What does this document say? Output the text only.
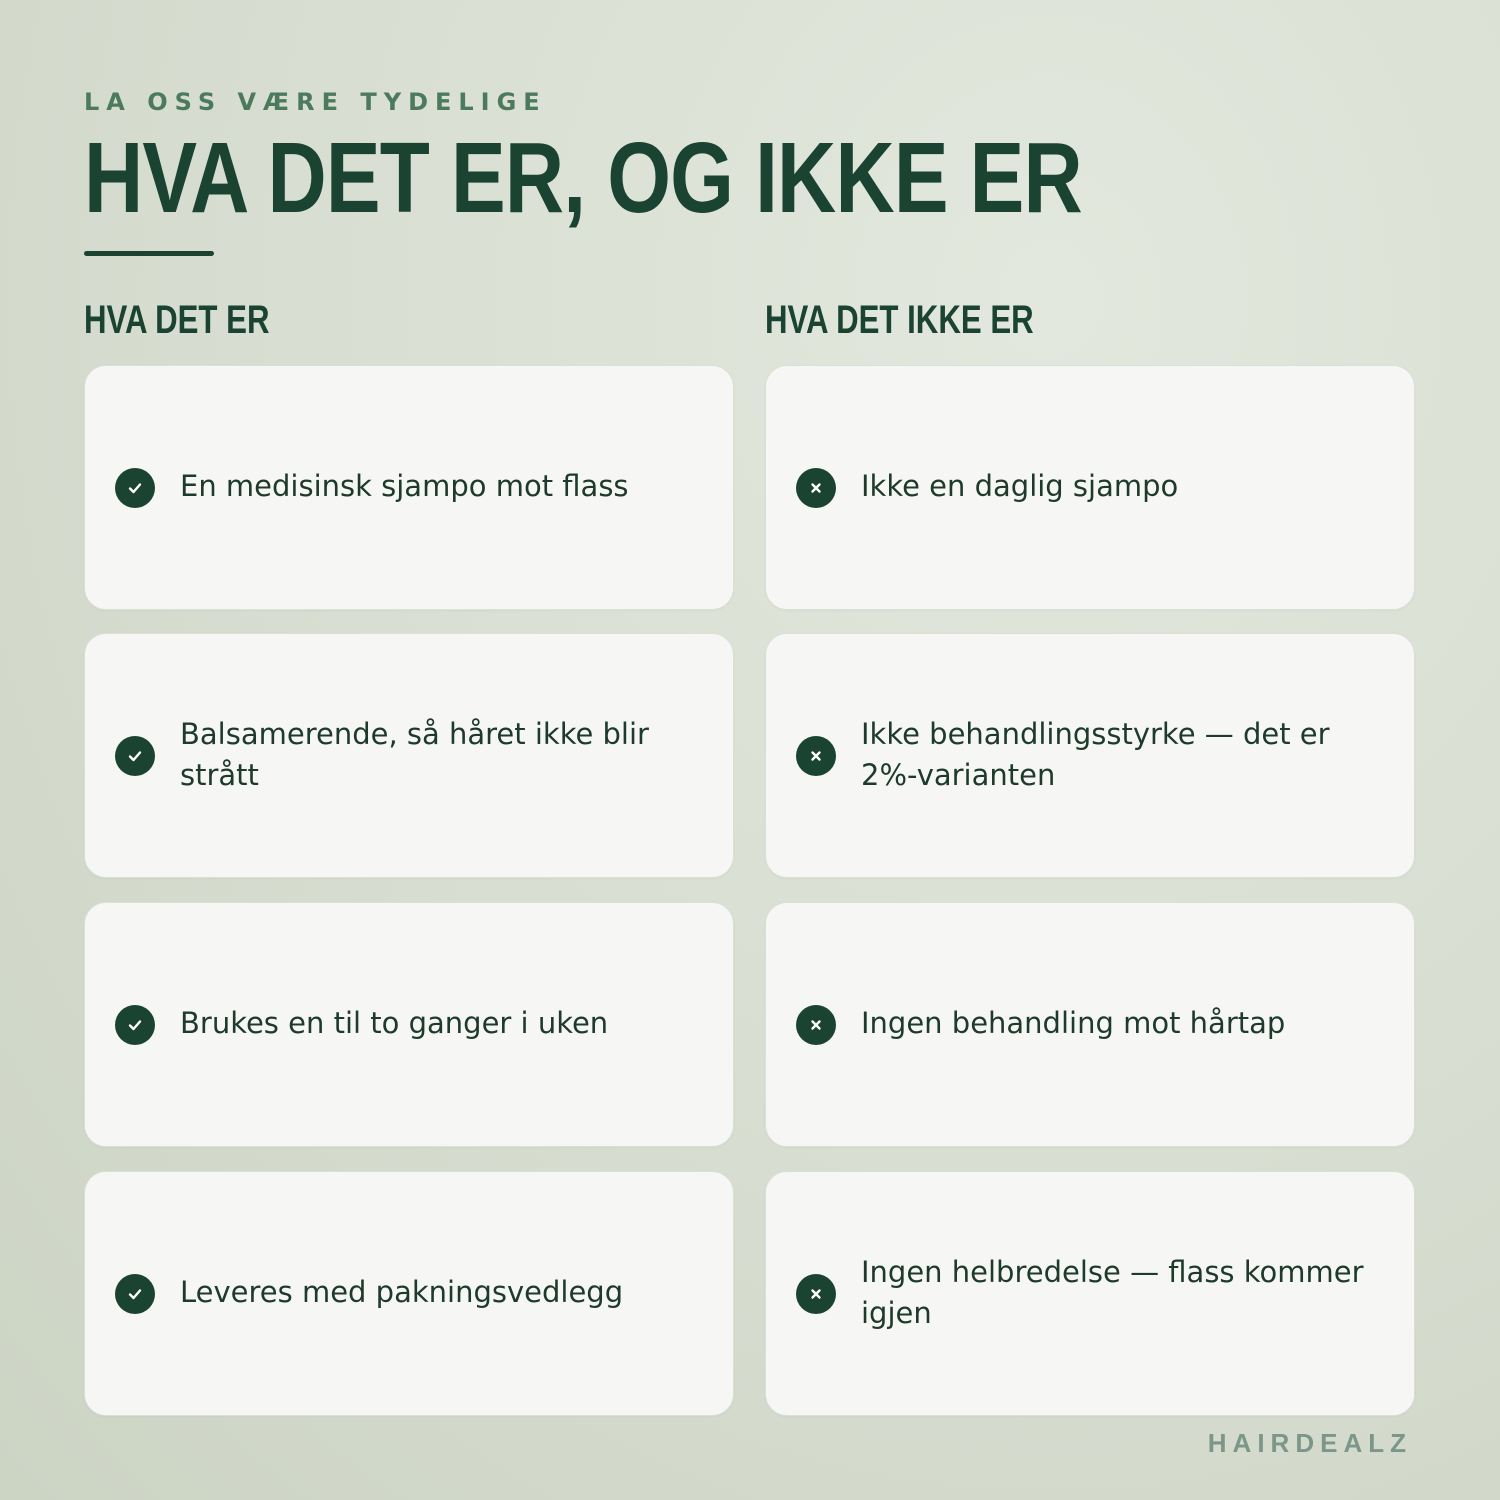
LA OSS VÆRE TYDELIGE
HVA DET ER, OG IKKE ER
HVA DET ER	HVA DET IKKE ER
En medisinsk sjampo mot flass
Balsamerende, så håret ikke blir strått
Brukes en til to ganger i uken
Leveres med pakningsvedlegg
Ikke en daglig sjampo
Ikke behandlingsstyrke — det er 2%-varianten
Ingen behandling mot hårtap
Ingen helbredelse — flass kommer igjen
HAIRDEALZ
